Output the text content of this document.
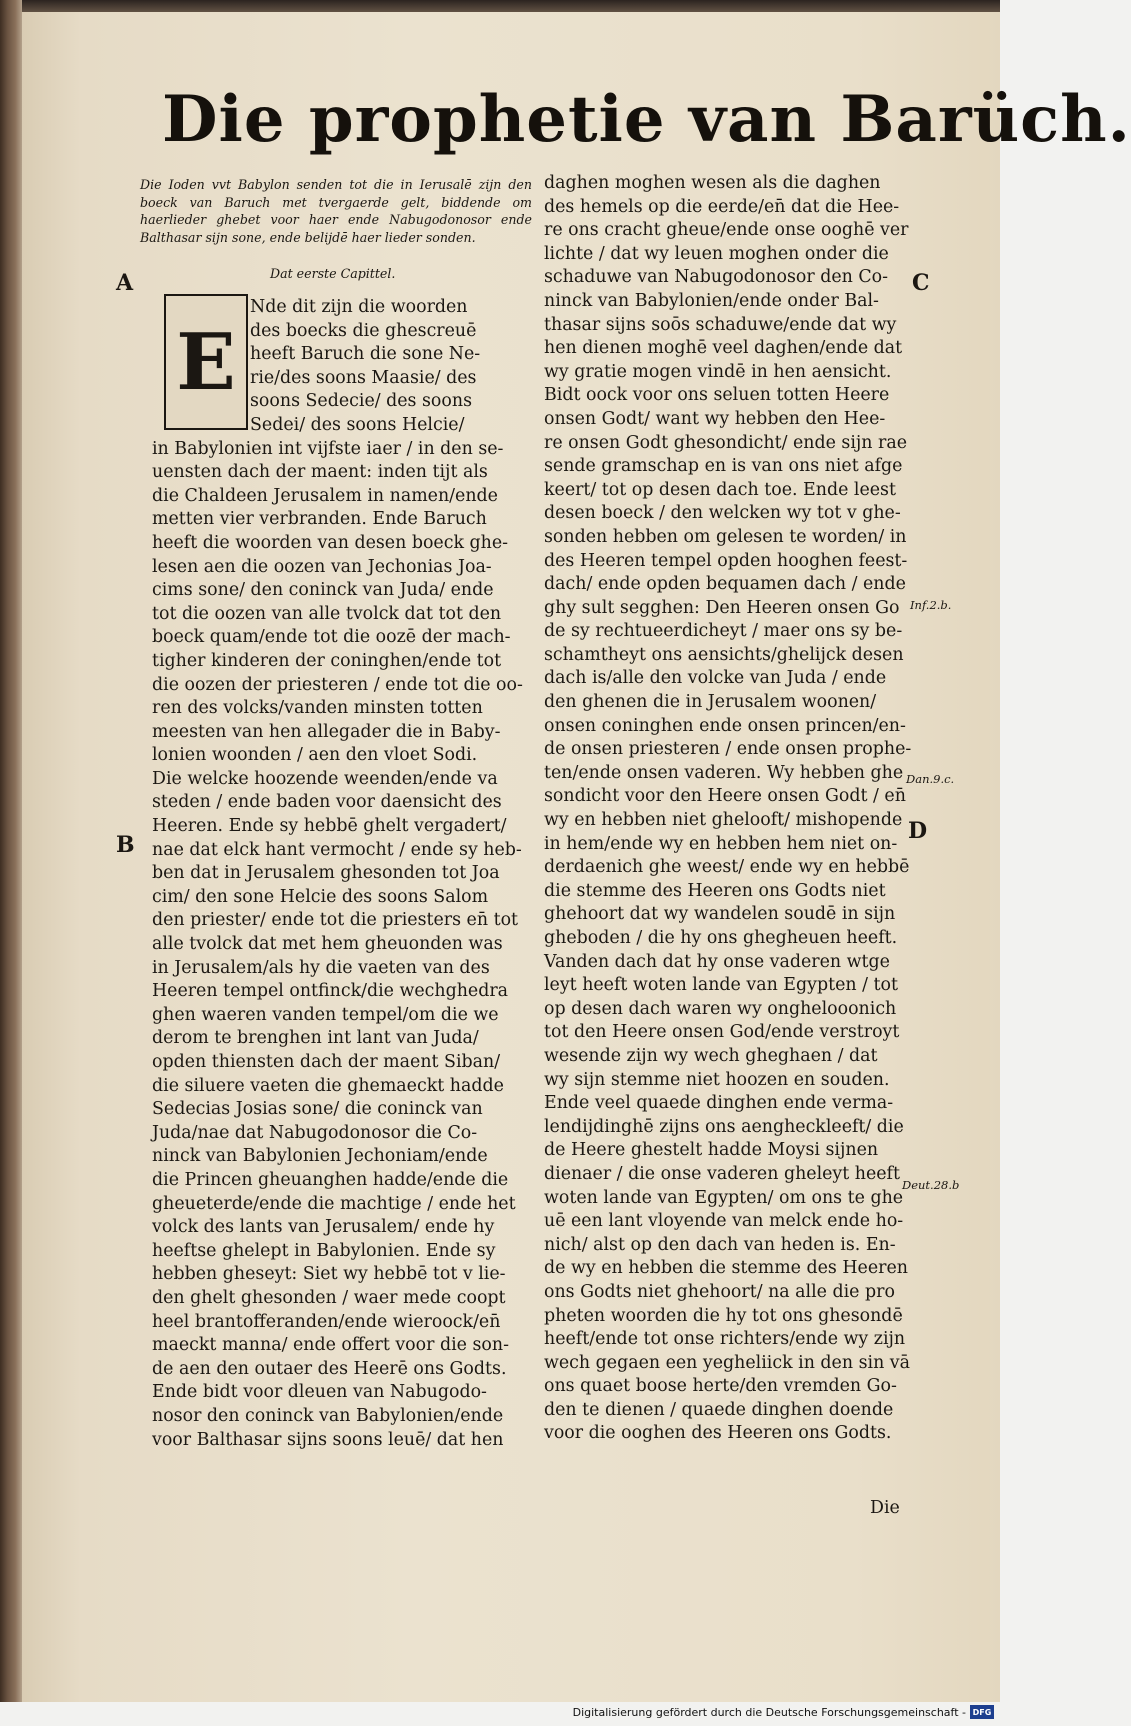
Die prophetie van Barüch.
Die Ioden vvt Babylon senden tot die in Ierusalē zijn den boeck van Baruch met tvergaerde gelt, biddende om haerlieder ghebet voor haer ende Nabugodonosor ende Balthasar sijn sone, ende belijdē haer lieder sonden.
Dat eerste Capittel.
A
B
C
D
Inf.2.b.
Dan.9.c.
Deut.28.b
E
Nde dit zijn die woorden
des boecks die ghescreuē
heeft Baruch die sone Ne-
rie/des soons Maasie/ des
soons Sedecie/ des soons
Sedei/ des soons Helcie/
in Babylonien int vijfste iaer / in den se-
uensten dach der maent: inden tijt als
die Chaldeen Jerusalem in namen/ende
metten vier verbranden. Ende Baruch
heeft die woorden van desen boeck ghe-
lesen aen die oozen van Jechonias Joa-
cims sone/ den coninck van Juda/ ende
tot die oozen van alle tvolck dat tot den
boeck quam/ende tot die oozē der mach-
tigher kinderen der coninghen/ende tot
die oozen der priesteren / ende tot die oo-
ren des volcks/vanden minsten totten
meesten van hen allegader die in Baby-
lonien woonden / aen den vloet Sodi.
Die welcke hoozende weenden/ende va
steden / ende baden voor daensicht des
Heeren. Ende sy hebbē ghelt vergadert/
nae dat elck hant vermocht / ende sy heb-
ben dat in Jerusalem ghesonden tot Joa
cim/ den sone Helcie des soons Salom
den priester/ ende tot die priesters en̄ tot
alle tvolck dat met hem gheuonden was
in Jerusalem/als hy die vaeten van des
Heeren tempel ontfinck/die wechghedra
ghen waeren vanden tempel/om die we
derom te brenghen int lant van Juda/
opden thiensten dach der maent Siban/
die siluere vaeten die ghemaeckt hadde
Sedecias Josias sone/ die coninck van
Juda/nae dat Nabugodonosor die Co-
ninck van Babylonien Jechoniam/ende
die Princen gheuanghen hadde/ende die
gheueterde/ende die machtige / ende het
volck des lants van Jerusalem/ ende hy
heeftse ghelept in Babylonien. Ende sy
hebben gheseyt: Siet wy hebbē tot v lie-
den ghelt ghesonden / waer mede coopt
heel brantofferanden/ende wieroock/en̄
maeckt manna/ ende offert voor die son-
de aen den outaer des Heerē ons Godts.
Ende bidt voor dleuen van Nabugodo-
nosor den coninck van Babylonien/ende
voor Balthasar sijns soons leuē/ dat hen
daghen moghen wesen als die daghen
des hemels op die eerde/en̄ dat die Hee-
re ons cracht gheue/ende onse ooghē ver
lichte / dat wy leuen moghen onder die
schaduwe van Nabugodonosor den Co-
ninck van Babylonien/ende onder Bal-
thasar sijns soōs schaduwe/ende dat wy
hen dienen moghē veel daghen/ende dat
wy gratie mogen vindē in hen aensicht.
Bidt oock voor ons seluen totten Heere
onsen Godt/ want wy hebben den Hee-
re onsen Godt ghesondicht/ ende sijn rae
sende gramschap en is van ons niet afge
keert/ tot op desen dach toe. Ende leest
desen boeck / den welcken wy tot v ghe-
sonden hebben om gelesen te worden/ in
des Heeren tempel opden hooghen feest-
dach/ ende opden bequamen dach / ende
ghy sult segghen: Den Heeren onsen Go
de sy rechtueerdicheyt / maer ons sy be-
schamtheyt ons aensichts/ghelijck desen
dach is/alle den volcke van Juda / ende
den ghenen die in Jerusalem woonen/
onsen coninghen ende onsen princen/en-
de onsen priesteren / ende onsen prophe-
ten/ende onsen vaderen. Wy hebben ghe
sondicht voor den Heere onsen Godt / en̄
wy en hebben niet ghelooft/ mishopende
in hem/ende wy en hebben hem niet on-
derdaenich ghe weest/ ende wy en hebbē
die stemme des Heeren ons Godts niet
ghehoort dat wy wandelen soudē in sijn
gheboden / die hy ons ghegheuen heeft.
Vanden dach dat hy onse vaderen wtge
leyt heeft woten lande van Egypten / tot
op desen dach waren wy onghelooonich
tot den Heere onsen God/ende verstroyt
wesende zijn wy wech gheghaen / dat
wy sijn stemme niet hoozen en souden.
Ende veel quaede dinghen ende verma-
lendijdinghē zijns ons aengheckleeft/ die
de Heere ghestelt hadde Moysi sijnen
dienaer / die onse vaderen gheleyt heeft
woten lande van Egypten/ om ons te ghe
uē een lant vloyende van melck ende ho-
nich/ alst op den dach van heden is. En-
de wy en hebben die stemme des Heeren
ons Godts niet ghehoort/ na alle die pro
pheten woorden die hy tot ons ghesondē
heeft/ende tot onse richters/ende wy zijn
wech gegaen een yegheliick in den sin vā
ons quaet boose herte/den vremden Go-
den te dienen / quaede dinghen doende
voor die ooghen des Heeren ons Godts.
Die
Digitalisierung gefördert durch die Deutsche Forschungsgemeinschaft - DFG
